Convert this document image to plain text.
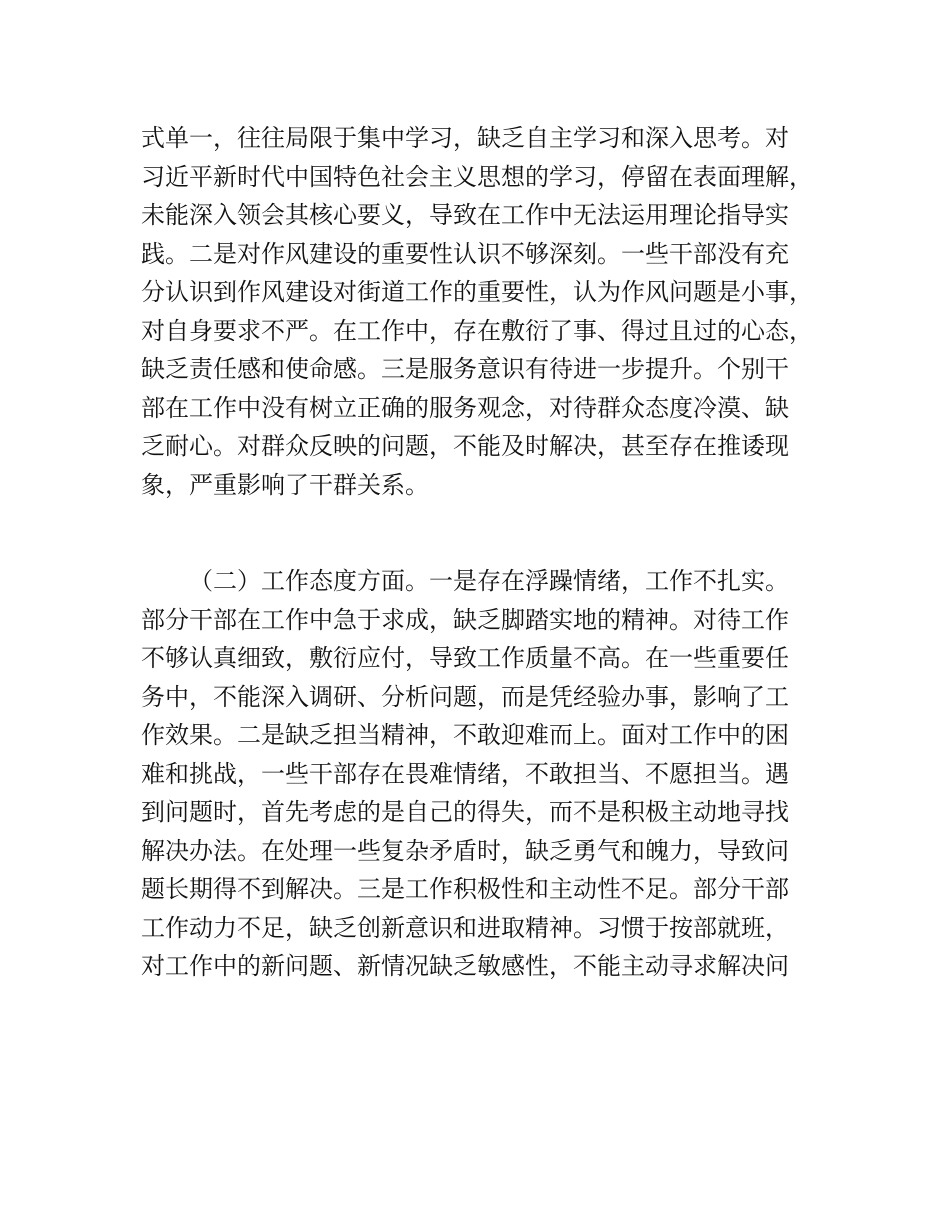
式单一，往往局限于集中学习，缺乏自主学习和深入思考。对
习近平新时代中国特色社会主义思想的学习，停留在表面理解，
未能深入领会其核心要义，导致在工作中无法运用理论指导实
践。二是对作风建设的重要性认识不够深刻。一些干部没有充
分认识到作风建设对街道工作的重要性，认为作风问题是小事，
对自身要求不严。在工作中，存在敷衍了事、得过且过的心态，
缺乏责任感和使命感。三是服务意识有待进一步提升。个别干
部在工作中没有树立正确的服务观念，对待群众态度冷漠、缺
乏耐心。对群众反映的问题，不能及时解决，甚至存在推诿现
象，严重影响了干群关系。
（二）工作态度方面。一是存在浮躁情绪，工作不扎实。
部分干部在工作中急于求成，缺乏脚踏实地的精神。对待工作
不够认真细致，敷衍应付，导致工作质量不高。在一些重要任
务中，不能深入调研、分析问题，而是凭经验办事，影响了工
作效果。二是缺乏担当精神，不敢迎难而上。面对工作中的困
难和挑战，一些干部存在畏难情绪，不敢担当、不愿担当。遇
到问题时，首先考虑的是自己的得失，而不是积极主动地寻找
解决办法。在处理一些复杂矛盾时，缺乏勇气和魄力，导致问
题长期得不到解决。三是工作积极性和主动性不足。部分干部
工作动力不足，缺乏创新意识和进取精神。习惯于按部就班，
对工作中的新问题、新情况缺乏敏感性，不能主动寻求解决问
